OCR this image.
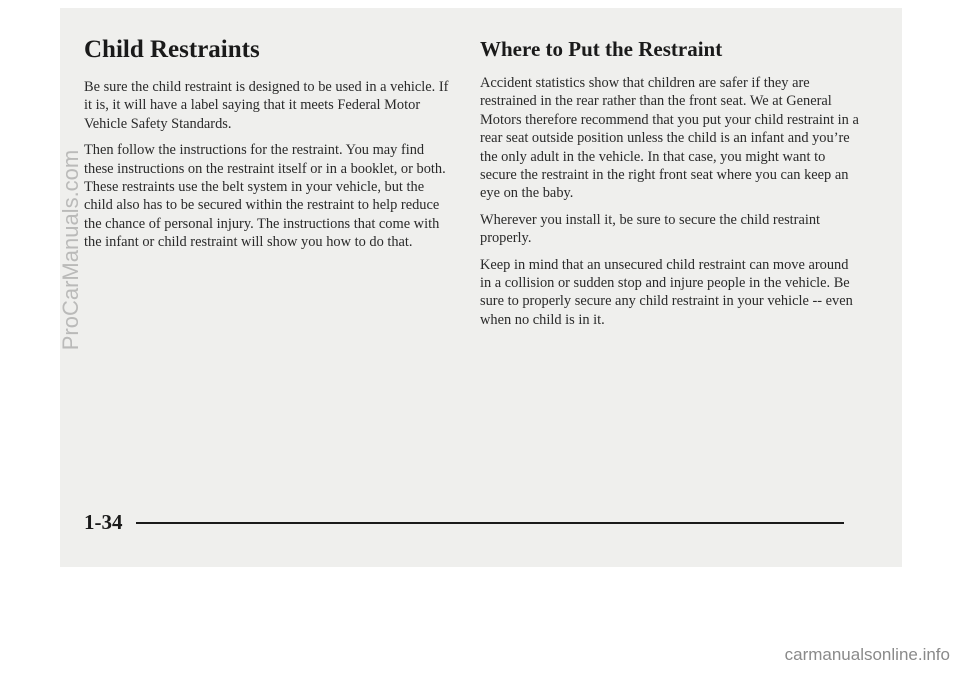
Child Restraints

Be sure the child restraint is designed to be used in a vehicle. If it is, it will have a label saying that it meets Federal Motor Vehicle Safety Standards.

Then follow the instructions for the restraint. You may find these instructions on the restraint itself or in a booklet, or both. These restraints use the belt system in your vehicle, but the child also has to be secured within the restraint to help reduce the chance of personal injury. The instructions that come with the infant or child restraint will show you how to do that.

Where to Put the Restraint

Accident statistics show that children are safer if they are restrained in the rear rather than the front seat. We at General Motors therefore recommend that you put your child restraint in a rear seat outside position unless the child is an infant and you’re the only adult in the vehicle. In that case, you might want to secure the restraint in the right front seat where you can keep an eye on the baby.

Wherever you install it, be sure to secure the child restraint properly.

Keep in mind that an unsecured child restraint can move around in a collision or sudden stop and injure people in the vehicle. Be sure to properly secure any child restraint in your vehicle -- even when no child is in it.

1-34
ProCarManuals.com
carmanualsonline.info
